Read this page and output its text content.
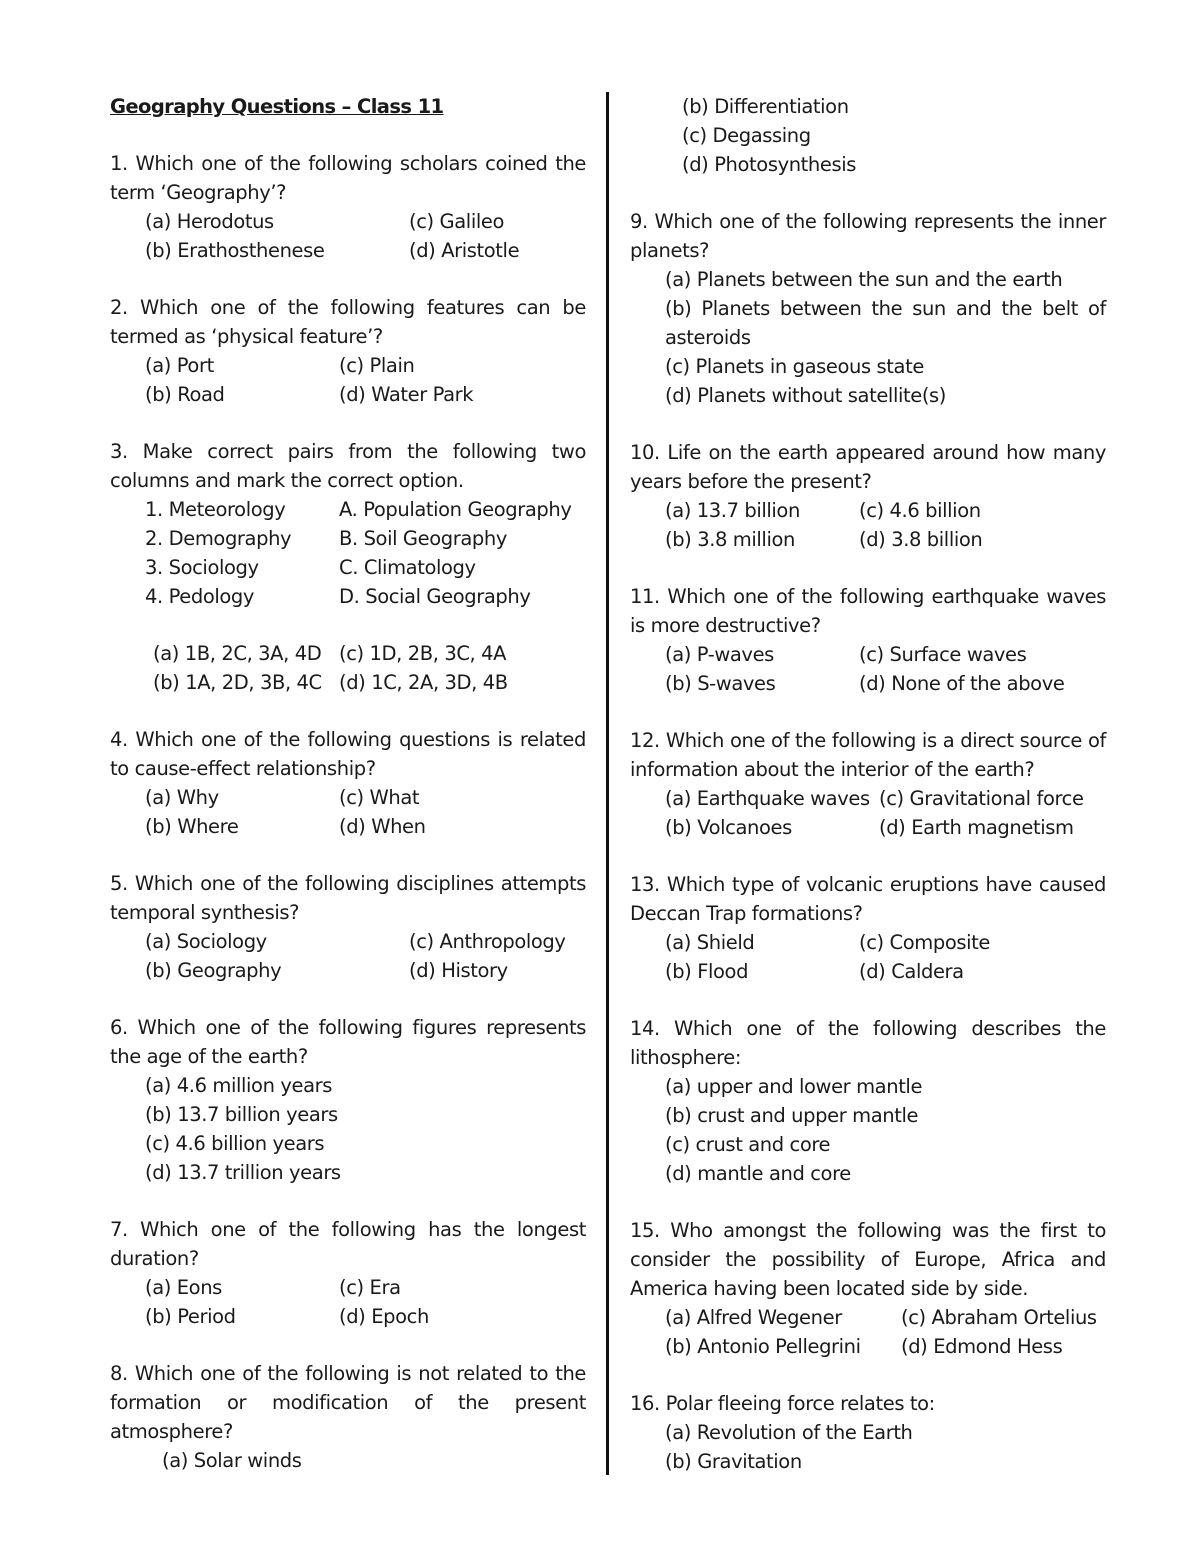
Geography Questions – Class 11
1. Which one of the following scholars coined the term ‘Geography’?
(a) Herodotus	(c) Galileo
(b) Erathosthenese	(d) Aristotle
2. Which one of the following features can be termed as ‘physical feature’?
(a) Port	(c) Plain
(b) Road	(d) Water Park
3. Make correct pairs from the following two columns and mark the correct option.
1. Meteorology	A. Population Geography
2. Demography	B. Soil Geography
3. Sociology	C. Climatology
4. Pedology	D. Social Geography
(a) 1B, 2C, 3A, 4D (c) 1D, 2B, 3C, 4A
(b) 1A, 2D, 3B, 4C (d) 1C, 2A, 3D, 4B
4. Which one of the following questions is related to cause-effect relationship?
(a) Why	(c) What
(b) Where	(d) When
5. Which one of the following disciplines attempts temporal synthesis?
(a) Sociology	(c) Anthropology
(b) Geography	(d) History
6. Which one of the following figures represents the age of the earth?
(a) 4.6 million years
(b) 13.7 billion years
(c) 4.6 billion years
(d) 13.7 trillion years
7. Which one of the following has the longest duration?
(a) Eons	(c) Era
(b) Period	(d) Epoch
8. Which one of the following is not related to the formation or modification of the present atmosphere?
(a) Solar winds
(b) Differentiation
(c) Degassing
(d) Photosynthesis
9. Which one of the following represents the inner planets?
(a) Planets between the sun and the earth
(b) Planets between the sun and the belt of asteroids
(c) Planets in gaseous state
(d) Planets without satellite(s)
10. Life on the earth appeared around how many years before the present?
(a) 13.7 billion	(c) 4.6 billion
(b) 3.8 million	(d) 3.8 billion
11. Which one of the following earthquake waves is more destructive?
(a) P-waves	(c) Surface waves
(b) S-waves	(d) None of the above
12. Which one of the following is a direct source of information about the interior of the earth?
(a) Earthquake waves (c) Gravitational force
(b) Volcanoes	(d) Earth magnetism
13. Which type of volcanic eruptions have caused Deccan Trap formations?
(a) Shield	(c) Composite
(b) Flood	(d) Caldera
14. Which one of the following describes the lithosphere:
(a) upper and lower mantle
(b) crust and upper mantle
(c) crust and core
(d) mantle and core
15. Who amongst the following was the first to consider the possibility of Europe, Africa and America having been located side by side.
(a) Alfred Wegener	(c) Abraham Ortelius
(b) Antonio Pellegrini	(d) Edmond Hess
16. Polar fleeing force relates to:
(a) Revolution of the Earth
(b) Gravitation
